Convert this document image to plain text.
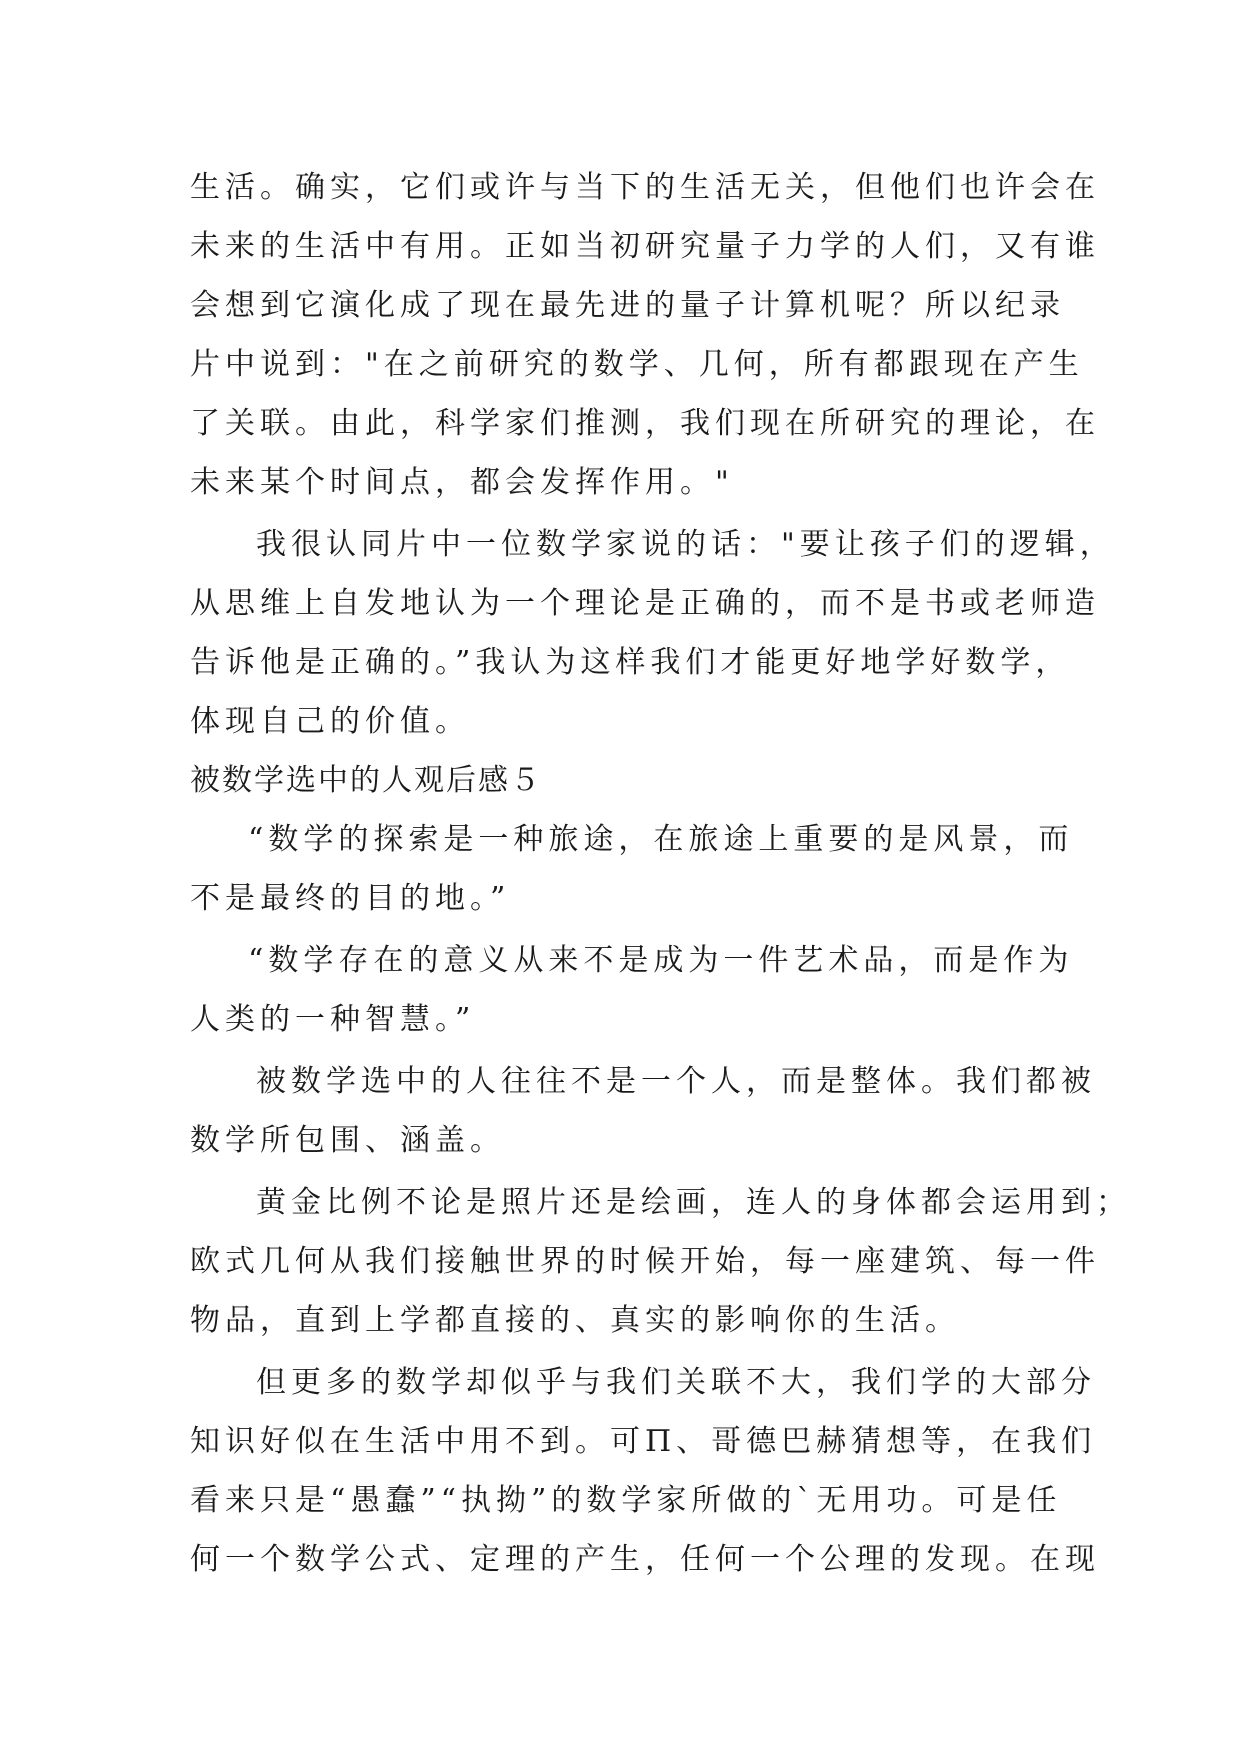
生活。确实，它们或许与当下的生活无关，但他们也许会在
未来的生活中有用。正如当初研究量子力学的人们，又有谁
会想到它演化成了现在最先进的量子计算机呢？所以纪录
片中说到："在之前研究的数学、几何，所有都跟现在产生
了关联。由此，科学家们推测，我们现在所研究的理论，在
未来某个时间点，都会发挥作用。"
我很认同片中一位数学家说的话："要让孩子们的逻辑，
从思维上自发地认为一个理论是正确的，而不是书或老师造
告诉他是正确的。”我认为这样我们才能更好地学好数学，
体现自己的价值。
被数学选中的人观后感５
“数学的探索是一种旅途，在旅途上重要的是风景，而
不是最终的目的地。”
“数学存在的意义从来不是成为一件艺术品，而是作为
人类的一种智慧。”
被数学选中的人往往不是一个人，而是整体。我们都被
数学所包围、涵盖。
黄金比例不论是照片还是绘画，连人的身体都会运用到；
欧式几何从我们接触世界的时候开始，每一座建筑、每一件
物品，直到上学都直接的、真实的影响你的生活。
但更多的数学却似乎与我们关联不大，我们学的大部分
知识好似在生活中用不到。可Π、哥德巴赫猜想等，在我们
看来只是“愚蠢”“执拗”的数学家所做的`无用功。可是任
何一个数学公式、定理的产生，任何一个公理的发现。在现
